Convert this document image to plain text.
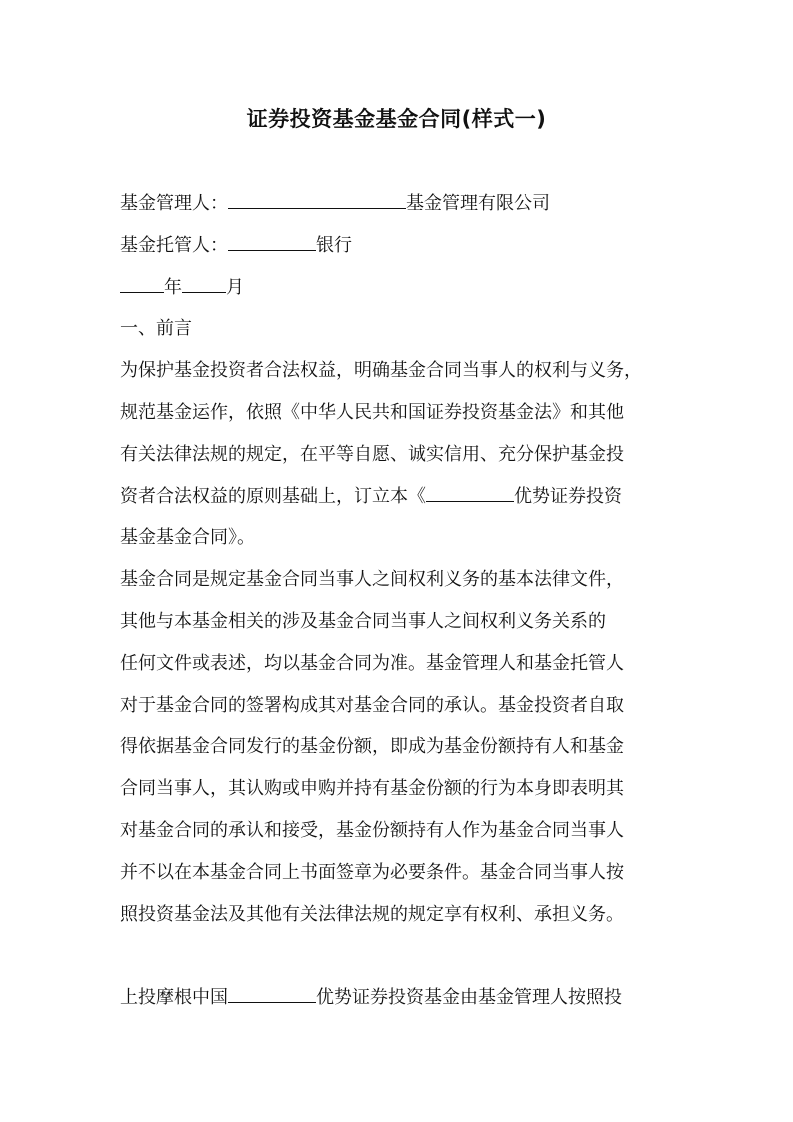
证券投资基金基金合同(样式一)
基金管理人：	基金管理有限公司
基金托管人：	银行
年 月
一、前言
为保护基金投资者合法权益，明确基金合同当事人的权利与义务，
规范基金运作，依照《中华人民共和国证券投资基金法》和其他
有关法律法规的规定，在平等自愿、诚实信用、充分保护基金投
资者合法权益的原则基础上，订立本《	优势证券投资
基金基金合同》。
基金合同是规定基金合同当事人之间权利义务的基本法律文件，
其他与本基金相关的涉及基金合同当事人之间权利义务关系的
任何文件或表述，均以基金合同为准。基金管理人和基金托管人
对于基金合同的签署构成其对基金合同的承认。基金投资者自取
得依据基金合同发行的基金份额，即成为基金份额持有人和基金
合同当事人，其认购或申购并持有基金份额的行为本身即表明其
对基金合同的承认和接受，基金份额持有人作为基金合同当事人
并不以在本基金合同上书面签章为必要条件。基金合同当事人按
照投资基金法及其他有关法律法规的规定享有权利、承担义务。
上投摩根中国	优势证券投资基金由基金管理人按照投
